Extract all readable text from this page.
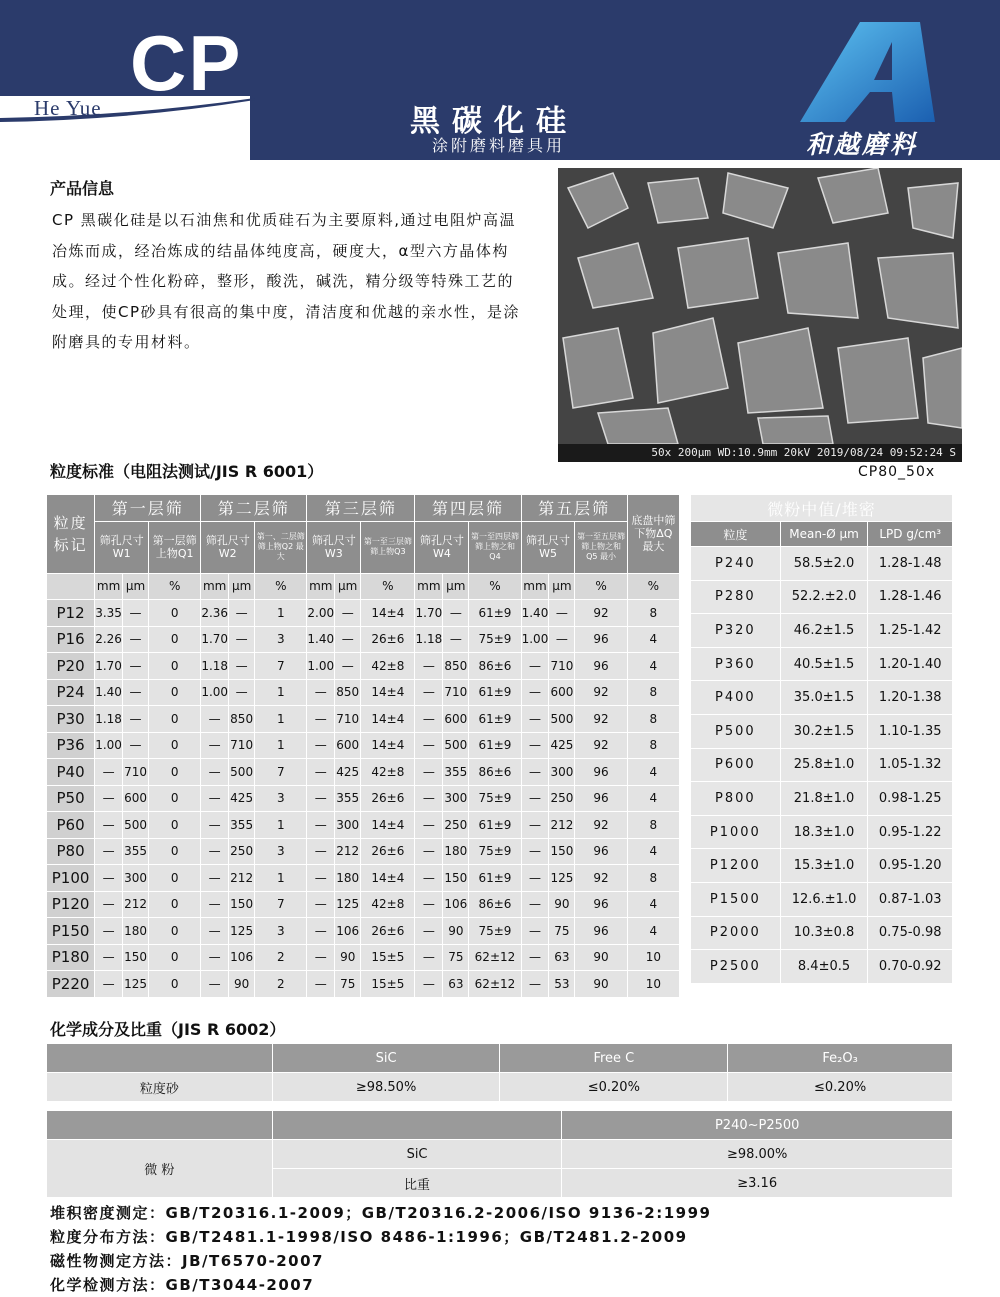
CP
He Yue	黑碳化硅
涂附磨料磨具用	和越磨料
产品信息
CP 黑碳化硅是以石油焦和优质硅石为主要原料,通过电阻炉高温冶炼而成，经冶炼成的结晶体纯度高，硬度大，α型六方晶体构成。经过个性化粉碎，整形，酸洗，碱洗，精分级等特殊工艺的处理，使CP砂具有很高的集中度，清洁度和优越的亲水性，是涂附磨具的专用材料。
50x 200μm WD:10.9mm 20kV 2019/08/24 09:52:24 S
CP80_50x
粒度标准（电阻法测试/JIS R 6001）
粒度标记	第一层筛			第二层筛			第三层筛			第四层筛			第五层筛			底盘中筛下物ΔQ 最大
	筛孔尺寸W1		第一层筛上物Q1	筛孔尺寸W2		第一、二层筛筛上物Q2 最大	筛孔尺寸W3		第一至三层筛筛上物Q3	筛孔尺寸W4		第一至四层筛筛上物之和Q4	筛孔尺寸W5		第一至五层筛筛上物之和Q5 最小	
	mm	μm	%	mm	μm	%	mm	μm	%	mm	μm	%	mm	μm	%	%
P12	3.35	—	0	2.36	—	1	2.00	—	14±4	1.70	—	61±9	1.40	—	92	8
P16	2.26	—	0	1.70	—	3	1.40	—	26±6	1.18	—	75±9	1.00	—	96	4
P20	1.70	—	0	1.18	—	7	1.00	—	42±8	—	850	86±6	—	710	96	4
P24	1.40	—	0	1.00	—	1	—	850	14±4	—	710	61±9	—	600	92	8
P30	1.18	—	0	—	850	1	—	710	14±4	—	600	61±9	—	500	92	8
P36	1.00	—	0	—	710	1	—	600	14±4	—	500	61±9	—	425	92	8
P40	—	710	0	—	500	7	—	425	42±8	—	355	86±6	—	300	96	4
P50	—	600	0	—	425	3	—	355	26±6	—	300	75±9	—	250	96	4
P60	—	500	0	—	355	1	—	300	14±4	—	250	61±9	—	212	92	8
P80	—	355	0	—	250	3	—	212	26±6	—	180	75±9	—	150	96	4
P100	—	300	0	—	212	1	—	180	14±4	—	150	61±9	—	125	92	8
P120	—	212	0	—	150	7	—	125	42±8	—	106	86±6	—	90	96	4
P150	—	180	0	—	125	3	—	106	26±6	—	90	75±9	—	75	96	4
P180	—	150	0	—	106	2	—	90	15±5	—	75	62±12	—	63	90	10
P220	—	125	0	—	90	2	—	75	15±5	—	63	62±12	—	53	90	10
微粉中值/堆密		
粒度	Mean-Ø μm	LPD g/cm³
P240	58.5±2.0	1.28-1.48
P280	52.2.±2.0	1.28-1.46
P320	46.2±1.5	1.25-1.42
P360	40.5±1.5	1.20-1.40
P400	35.0±1.5	1.20-1.38
P500	30.2±1.5	1.10-1.35
P600	25.8±1.0	1.05-1.32
P800	21.8±1.0	0.98-1.25
P1000	18.3±1.0	0.95-1.22
P1200	15.3±1.0	0.95-1.20
P1500	12.6.±1.0	0.87-1.03
P2000	10.3±0.8	0.75-0.98
P2500	8.4±0.5	0.70-0.92
化学成分及比重（JIS R 6002）
	SiC	Free C	Fe₂O₃
粒度砂	≥98.50%	≤0.20%	≤0.20%
		P240~P2500
微 粉	SiC	≥98.00%
	比重	≥3.16
堆积密度测定：GB/T20316.1-2009；GB/T20316.2-2006/ISO 9136-2:1999
粒度分布方法：GB/T2481.1-1998/ISO 8486-1:1996；GB/T2481.2-2009
磁性物测定方法：JB/T6570-2007
化学检测方法：GB/T3044-2007
